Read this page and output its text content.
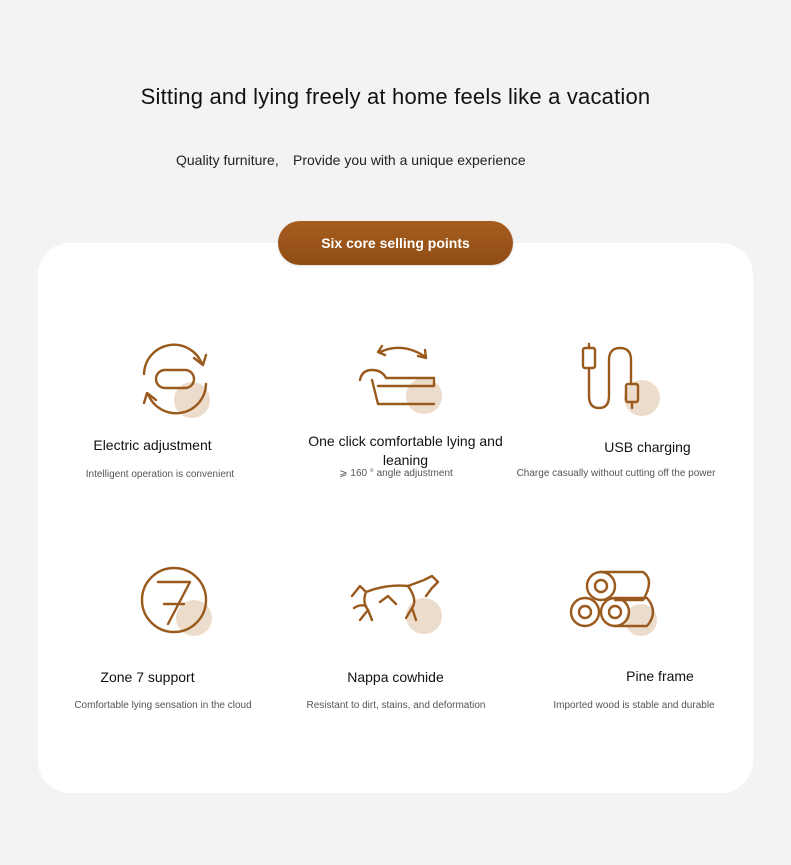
Sitting and lying freely at home feels like a vacation
Quality furniture, Provide you with a unique experience
Six core selling points
Electric adjustment
Intelligent operation is convenient
One click comfortable lying and leaning
⩾ 160 ° angle adjustment
USB charging
Charge casually without cutting off the power
Zone 7 support
Comfortable lying sensation in the cloud
Nappa cowhide
Resistant to dirt, stains, and deformation
Pine frame
Imported wood is stable and durable
